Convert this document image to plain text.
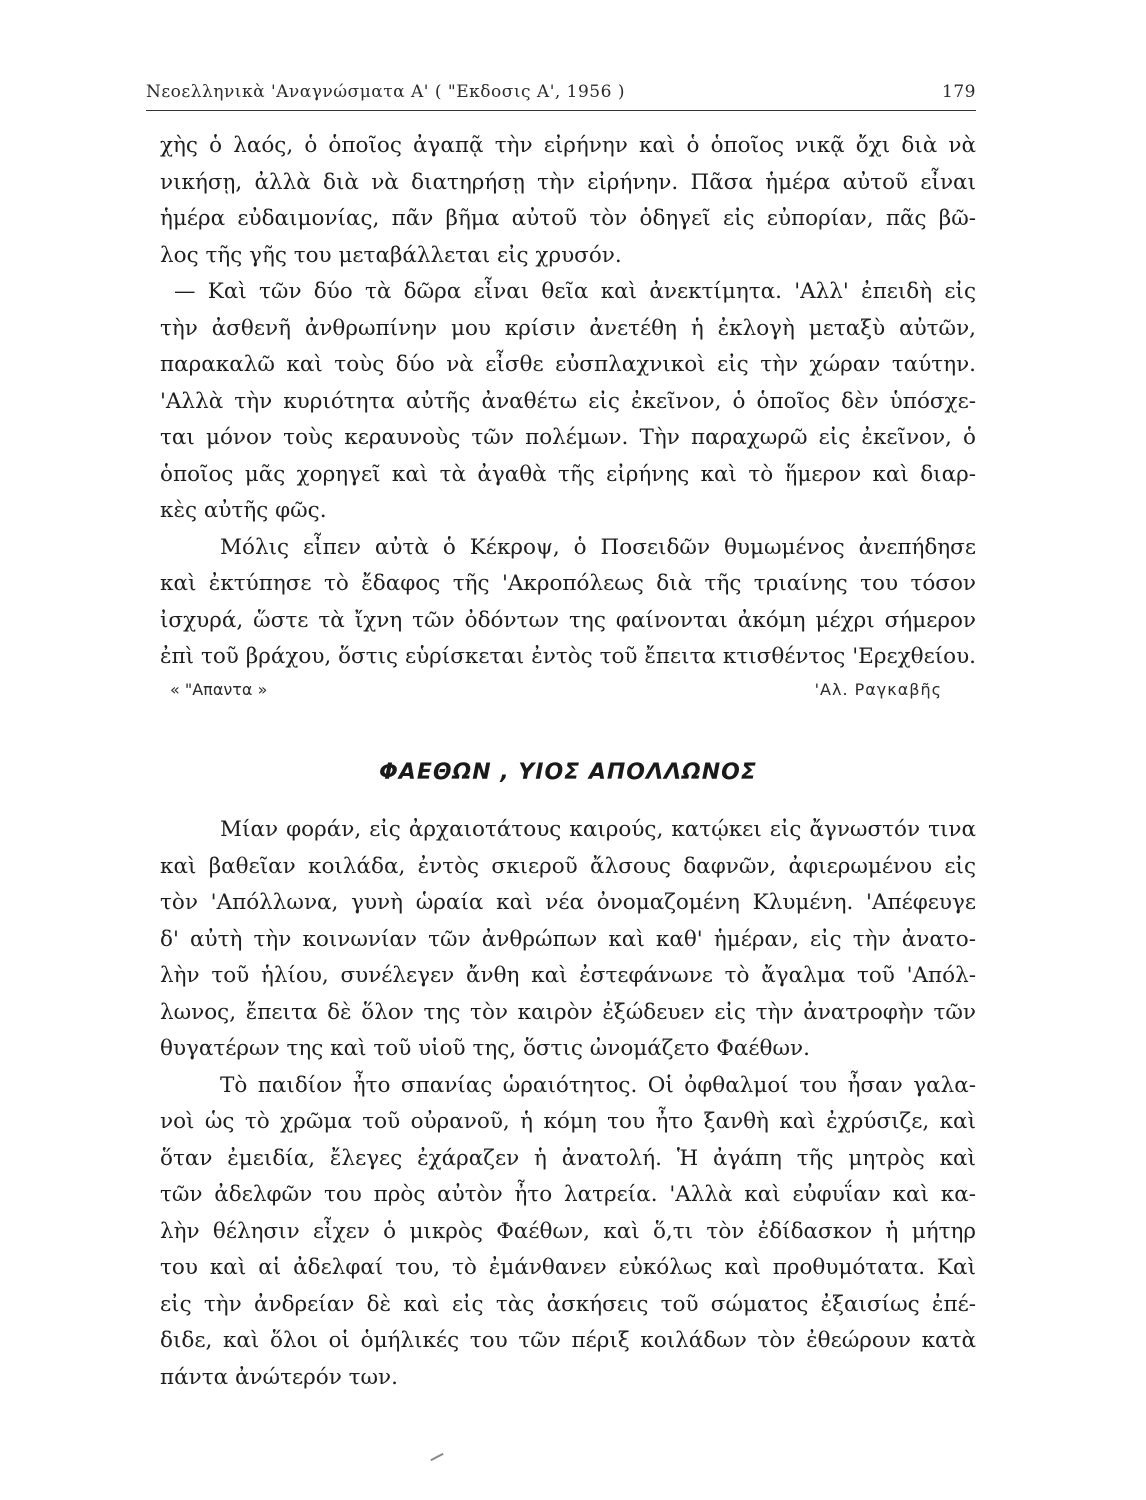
Νεοελληνικὰ 'Αναγνώσματα Α' ( "Εκδοσις Α', 1956 )	179
χὴς ὁ λαός, ὁ ὁποῖος ἀγαπᾷ τὴν εἰρήνην καὶ ὁ ὁποῖος νικᾷ ὄχι διὰ νὰ
νικήσῃ, ἀλλὰ διὰ νὰ διατηρήσῃ τὴν εἰρήνην. Πᾶσα ἡμέρα αὐτοῦ εἶναι
ἡμέρα εὐδαιμονίας, πᾶν βῆμα αὐτοῦ τὸν ὁδηγεῖ εἰς εὐπορίαν, πᾶς βῶ-
λος τῆς γῆς του μεταβάλλεται εἰς χρυσόν.
— Καὶ τῶν δύο τὰ δῶρα εἶναι θεῖα καὶ ἀνεκτίμητα. 'Αλλ' ἐπειδὴ εἰς
τὴν ἀσθενῆ ἀνθρωπίνην μου κρίσιν ἀνετέθη ἡ ἐκλογὴ μεταξὺ αὐτῶν,
παρακαλῶ καὶ τοὺς δύο νὰ εἶσθε εὐσπλαχνικοὶ εἰς τὴν χώραν ταύτην.
'Αλλὰ τὴν κυριότητα αὐτῆς ἀναθέτω εἰς ἐκεῖνον, ὁ ὁποῖος δὲν ὑπόσχε-
ται μόνον τοὺς κεραυνοὺς τῶν πολέμων. Τὴν παραχωρῶ εἰς ἐκεῖνον, ὁ
ὁποῖος μᾶς χορηγεῖ καὶ τὰ ἀγαθὰ τῆς εἰρήνης καὶ τὸ ἥμερον καὶ διαρ-
κὲς αὐτῆς φῶς.
Μόλις εἶπεν αὐτὰ ὁ Κέκροψ, ὁ Ποσειδῶν θυμωμένος ἀνεπήδησε
καὶ ἐκτύπησε τὸ ἔδαφος τῆς 'Ακροπόλεως διὰ τῆς τριαίνης του τόσον
ἰσχυρά, ὥστε τὰ ἴχνη τῶν ὀδόντων της φαίνονται ἀκόμη μέχρι σήμερον
ἐπὶ τοῦ βράχου, ὅστις εὑρίσκεται ἐντὸς τοῦ ἔπειτα κτισθέντος 'Ερεχθείου.
« "Απαντα »	'Αλ. Ραγκαβῆς
ΦΑΕΘΩΝ , ΥΙΟΣ ΑΠΟΛΛΩΝΟΣ
Μίαν φοράν, εἰς ἀρχαιοτάτους καιρούς, κατῴκει εἰς ἄγνωστόν τινα
καὶ βαθεῖαν κοιλάδα, ἐντὸς σκιεροῦ ἄλσους δαφνῶν, ἀφιερωμένου εἰς
τὸν 'Απόλλωνα, γυνὴ ὡραία καὶ νέα ὀνομαζομένη Κλυμένη. 'Απέφευγε
δ' αὐτὴ τὴν κοινωνίαν τῶν ἀνθρώπων καὶ καθ' ἡμέραν, εἰς τὴν ἀνατο-
λὴν τοῦ ἡλίου, συνέλεγεν ἄνθη καὶ ἐστεφάνωνε τὸ ἄγαλμα τοῦ 'Απόλ-
λωνος, ἔπειτα δὲ ὅλον της τὸν καιρὸν ἐξώδευεν εἰς τὴν ἀνατροφὴν τῶν
θυγατέρων της καὶ τοῦ υἱοῦ της, ὅστις ὠνομάζετο Φαέθων.
Τὸ παιδίον ἦτο σπανίας ὡραιότητος. Οἱ ὀφθαλμοί του ἦσαν γαλα-
νοὶ ὡς τὸ χρῶμα τοῦ οὐρανοῦ, ἡ κόμη του ἦτο ξανθὴ καὶ ἐχρύσιζε, καὶ
ὅταν ἐμειδία, ἔλεγες ἐχάραζεν ἡ ἀνατολή. Ἡ ἀγάπη τῆς μητρὸς καὶ
τῶν ἀδελφῶν του πρὸς αὐτὸν ἦτο λατρεία. 'Αλλὰ καὶ εὐφυΐαν καὶ κα-
λὴν θέλησιν εἶχεν ὁ μικρὸς Φαέθων, καὶ ὅ,τι τὸν ἐδίδασκον ἡ μήτηρ
του καὶ αἱ ἀδελφαί του, τὸ ἐμάνθανεν εὐκόλως καὶ προθυμότατα. Καὶ
εἰς τὴν ἀνδρείαν δὲ καὶ εἰς τὰς ἀσκήσεις τοῦ σώματος ἐξαισίως ἐπέ-
διδε, καὶ ὅλοι οἱ ὁμήλικές του τῶν πέριξ κοιλάδων τὸν ἐθεώρουν κατὰ
πάντα ἀνώτερόν των.
